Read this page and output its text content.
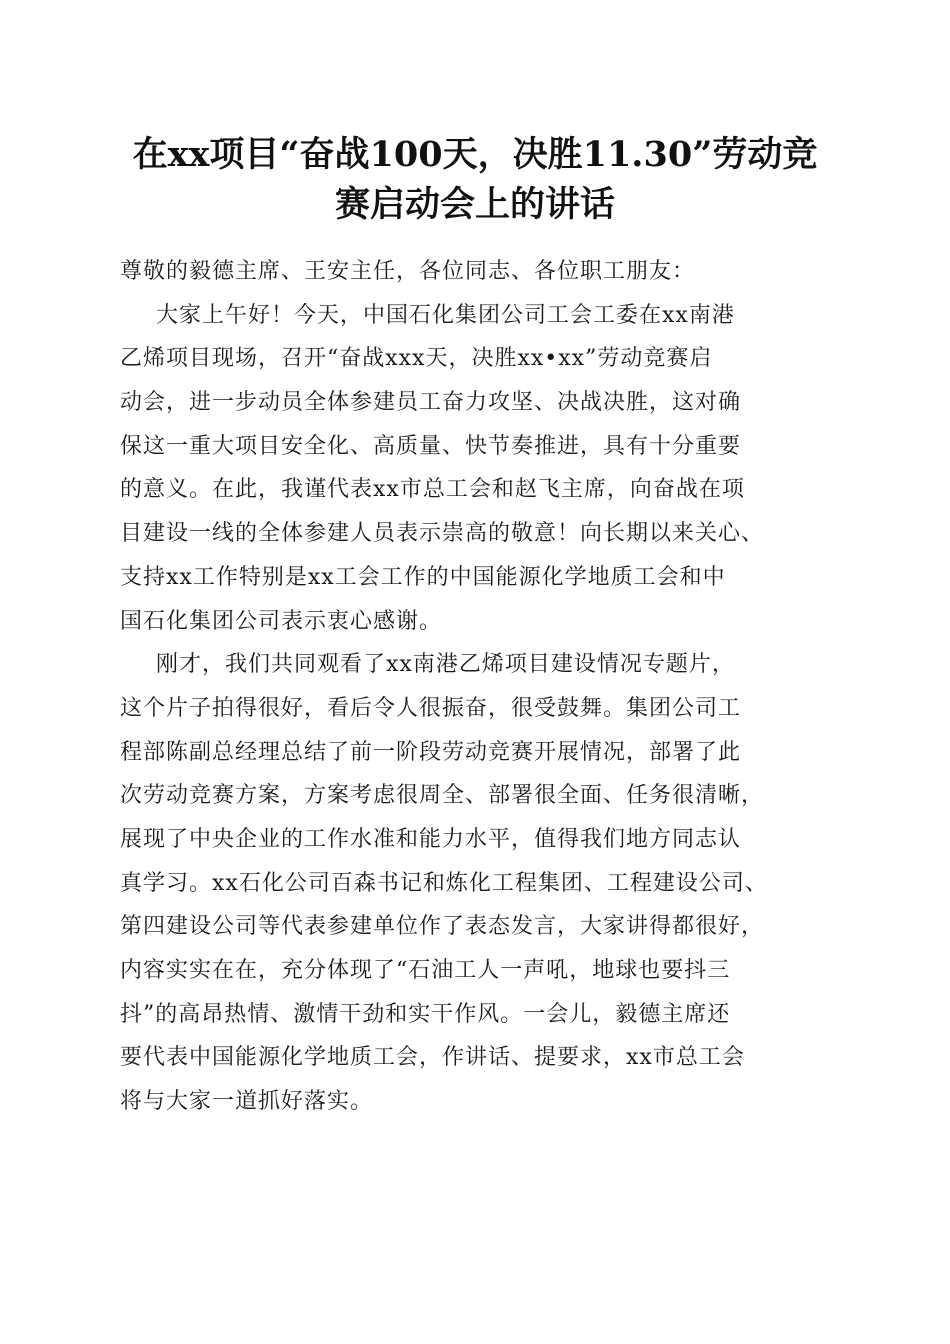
在xx项目“奋战100天，决胜11.30”劳动竞
赛启动会上的讲话
尊敬的毅德主席、王安主任，各位同志、各位职工朋友：
大家上午好！今天，中国石化集团公司工会工委在xx南港
乙烯项目现场，召开“奋战xxx天，决胜xx•xx”劳动竞赛启
动会，进一步动员全体参建员工奋力攻坚、决战决胜，这对确
保这一重大项目安全化、高质量、快节奏推进，具有十分重要
的意义。在此，我谨代表xx市总工会和赵飞主席，向奋战在项
目建设一线的全体参建人员表示崇高的敬意！向长期以来关心、
支持xx工作特别是xx工会工作的中国能源化学地质工会和中
国石化集团公司表示衷心感谢。
刚才，我们共同观看了xx南港乙烯项目建设情况专题片，
这个片子拍得很好，看后令人很振奋，很受鼓舞。集团公司工
程部陈副总经理总结了前一阶段劳动竞赛开展情况，部署了此
次劳动竞赛方案，方案考虑很周全、部署很全面、任务很清晰，
展现了中央企业的工作水准和能力水平，值得我们地方同志认
真学习。xx石化公司百森书记和炼化工程集团、工程建设公司、
第四建设公司等代表参建单位作了表态发言，大家讲得都很好，
内容实实在在，充分体现了“石油工人一声吼，地球也要抖三
抖”的高昂热情、激情干劲和实干作风。一会儿，毅德主席还
要代表中国能源化学地质工会，作讲话、提要求，xx市总工会
将与大家一道抓好落实。
